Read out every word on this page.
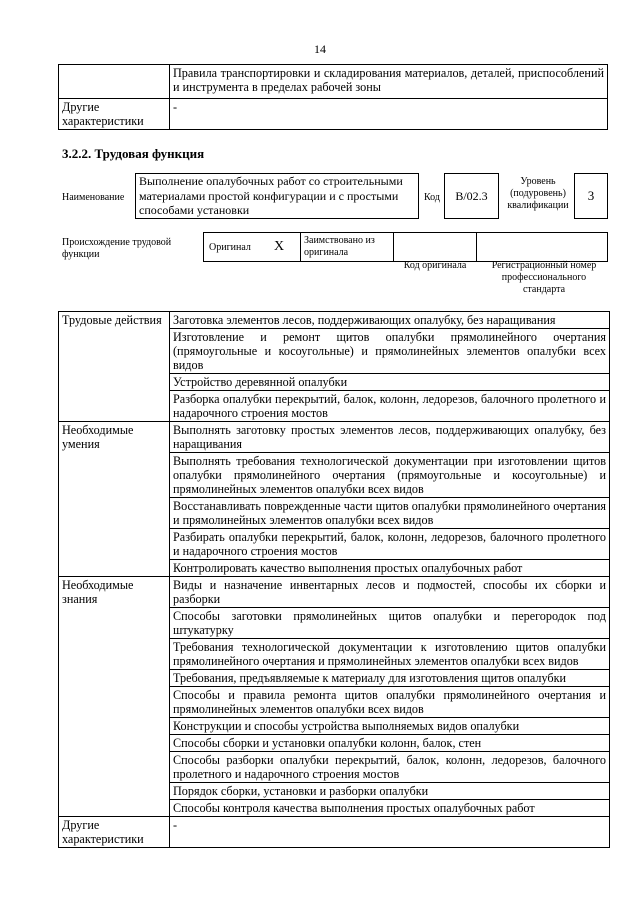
14
	Правила транспортировки и складирования материалов, деталей, приспособлений и инструмента в пределах рабочей зоны
Другие характеристики	-
3.2.2. Трудовая функция
Наименование
Выполнение опалубочных работ со строительными материалами простой конфигурации и с простыми способами установки
Код	B/02.3
Уровень (подуровень) квалификации
3
Происхождение трудовой функции
Оригинал X Заимствовано из оригинала
Код оригинала	Регистрационный номер профессионального стандарта
Трудовые действия	Заготовка элементов лесов, поддерживающих опалубку, без наращивания
	Изготовление и ремонт щитов опалубки прямолинейного очертания (прямоугольные и косоугольные) и прямолинейных элементов опалубки всех видов
	Устройство деревянной опалубки
	Разборка опалубки перекрытий, балок, колонн, ледорезов, балочного пролетного и надарочного строения мостов
Необходимые умения	Выполнять заготовку простых элементов лесов, поддерживающих опалубку, без наращивания
	Выполнять требования технологической документации при изготовлении щитов опалубки прямолинейного очертания (прямоугольные и косоугольные) и прямолинейных элементов опалубки всех видов
	Восстанавливать поврежденные части щитов опалубки прямолинейного очертания и прямолинейных элементов опалубки всех видов
	Разбирать опалубки перекрытий, балок, колонн, ледорезов, балочного пролетного и надарочного строения мостов
	Контролировать качество выполнения простых опалубочных работ
Необходимые знания	Виды и назначение инвентарных лесов и подмостей, способы их сборки и разборки
	Способы заготовки прямолинейных щитов опалубки и перегородок под штукатурку
	Требования технологической документации к изготовлению щитов опалубки прямолинейного очертания и прямолинейных элементов опалубки всех видов
	Требования, предъявляемые к материалу для изготовления щитов опалубки
	Способы и правила ремонта щитов опалубки прямолинейного очертания и прямолинейных элементов опалубки всех видов
	Конструкции и способы устройства выполняемых видов опалубки
	Способы сборки и установки опалубки колонн, балок, стен
	Способы разборки опалубки перекрытий, балок, колонн, ледорезов, балочного пролетного и надарочного строения мостов
	Порядок сборки, установки и разборки опалубки
	Способы контроля качества выполнения простых опалубочных работ
Другие характеристики	-
